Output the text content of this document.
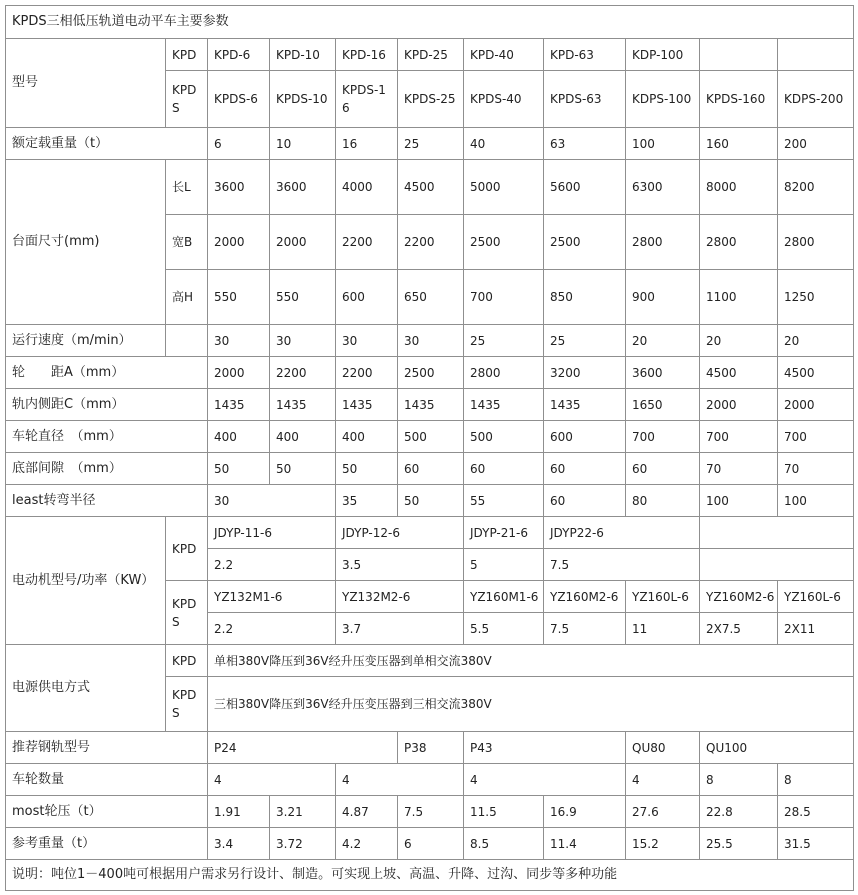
KPDS三相低压轨道电动平车主要参数										
型号	KPD	KPD-6	KPD-10	KPD-16	KPD-25	KPD-40	KPD-63	KDP-100		
	KPDS	KPDS-6	KPDS-10	KPDS-16	KPDS-25	KPDS-40	KPDS-63	KDPS-100	KPDS-160	KDPS-200
额定载重量（t）		6	10	16	25	40	63	100	160	200
台面尺寸(mm)	长L	3600	3600	4000	4500	5000	5600	6300	8000	8200
	宽B	2000	2000	2200	2200	2500	2500	2800	2800	2800
	高H	550	550	600	650	700	850	900	1100	1250
运行速度（m/min）		30	30	30	30	25	25	20	20	20
轮　　距A（mm）		2000	2200	2200	2500	2800	3200	3600	4500	4500
轨内侧距C（mm）		1435	1435	1435	1435	1435	1435	1650	2000	2000
车轮直径　（mm）		400	400	400	500	500	600	700	700	700
底部间隙　（mm）		50	50	50	60	60	60	60	70	70
least转弯半径		30		35	50	55	60	80	100	100
电动机型号/功率（KW）	KPD	JDYP-11-6		JDYP-12-6		JDYP-21-6	JDYP22-6			
		2.2		3.5		5	7.5			
	KPDS	YZ132M1-6		YZ132M2-6		YZ160M1-6	YZ160M2-6	YZ160L-6	YZ160M2-6	YZ160L-6
		2.2		3.7		5.5	7.5	11	2X7.5	2X11
电源供电方式	KPD	单相380V降压到36V经升压变压器到单相交流380V								
	KPDS	三相380V降压到36V经升压变压器到三相交流380V								
推荐钢轨型号		P24			P38	P43		QU80	QU100	
车轮数量		4		4		4		4	8	8
most轮压（t）		1.91	3.21	4.87	7.5	11.5	16.9	27.6	22.8	28.5
参考重量（t）		3.4	3.72	4.2	6	8.5	11.4	15.2	25.5	31.5
说明：吨位1－400吨可根据用户需求另行设计、制造。可实现上坡、高温、升降、过沟、同步等多种功能										
